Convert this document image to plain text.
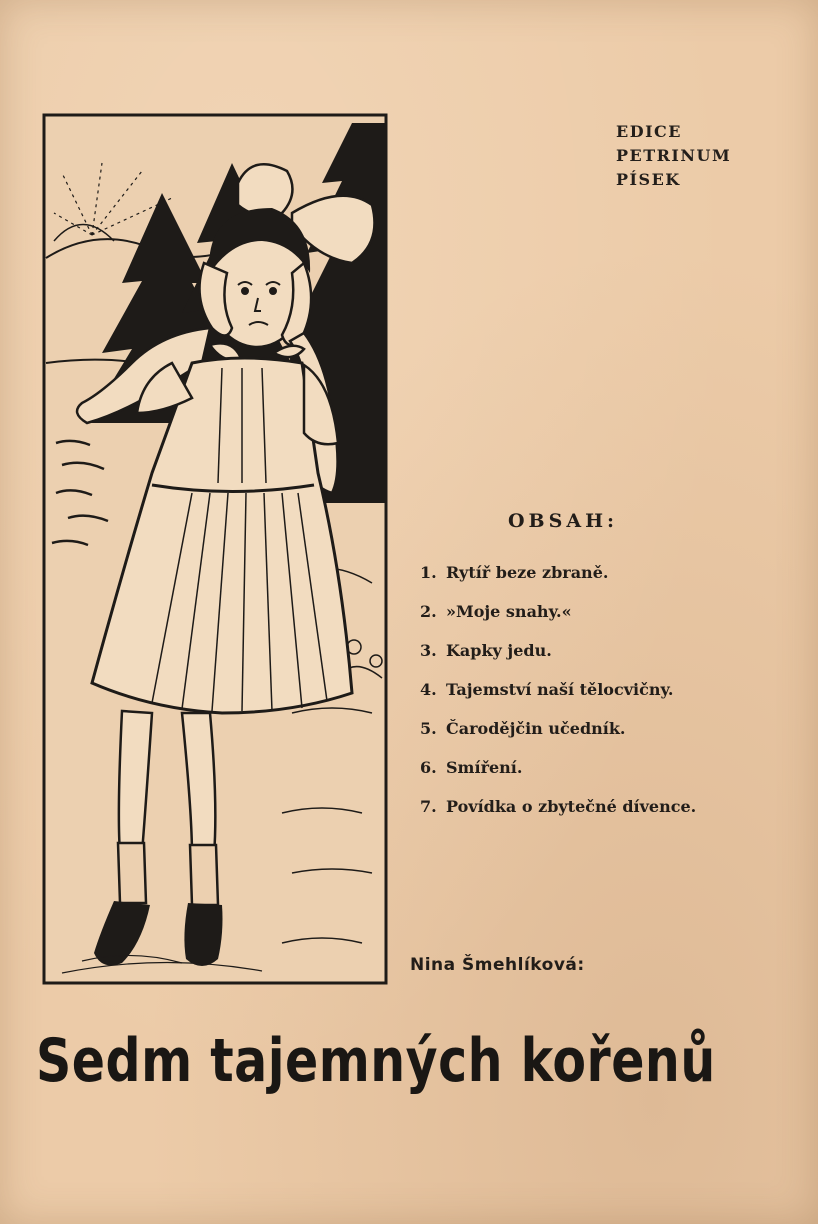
EDICE
PETRINUM
PÍSEK
OBSAH:
1. Rytíř beze zbraně.
2. »Moje snahy.«
3. Kapky jedu.
4. Tajemství naší tělocvičny.
5. Čarodějčin učedník.
6. Smíření.
7. Povídka o zbytečné dívence.
Nina Šmehlíková:
Sedm tajemných kořenů
